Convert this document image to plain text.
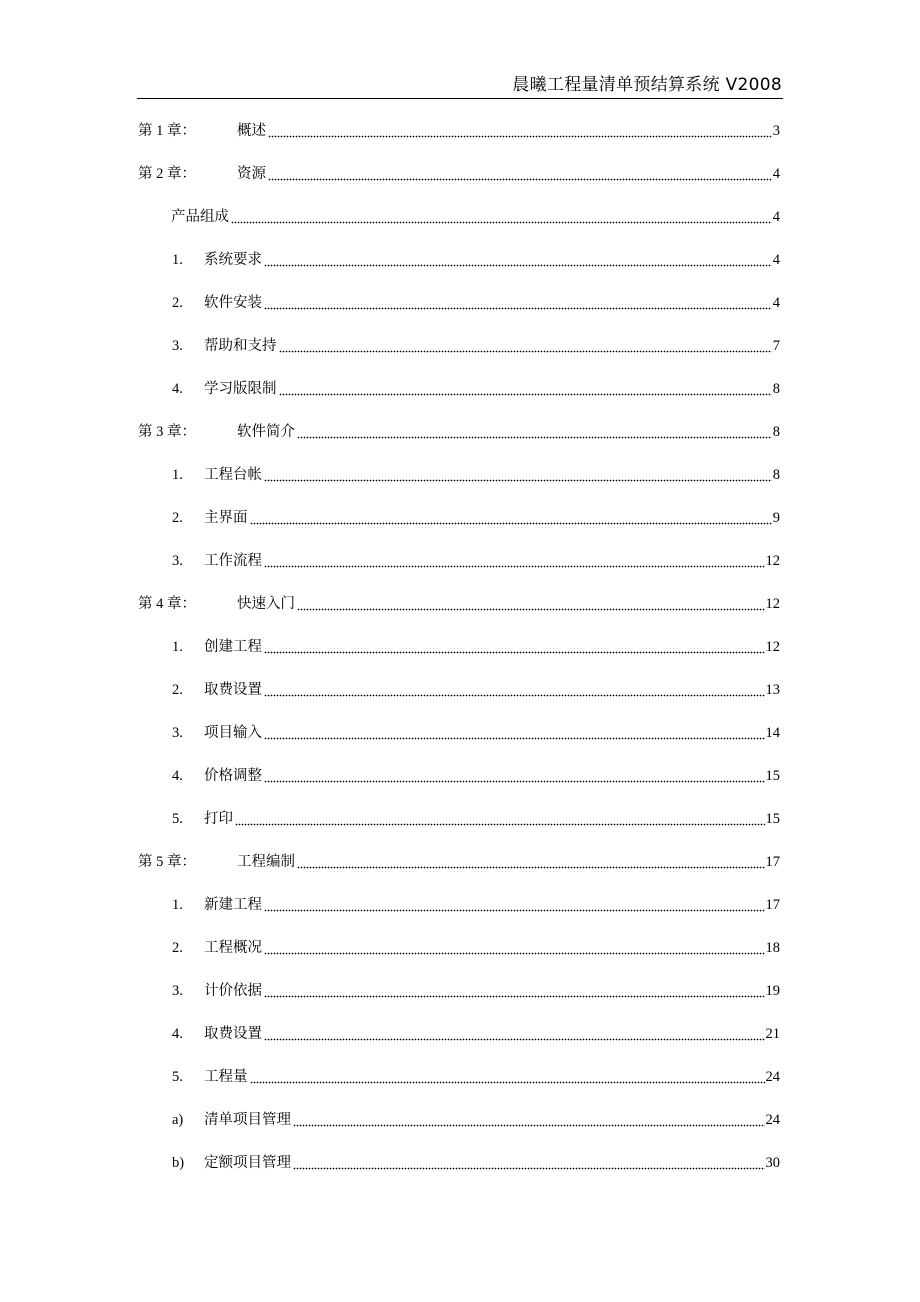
晨曦工程量清单预结算系统 V2008
第 1 章：	概述	3
第 2 章：	资源	4
产品组成	4
1.	系统要求	4
2.	软件安装	4
3.	帮助和支持	7
4.	学习版限制	8
第 3 章：	软件简介	8
1.	工程台帐	8
2.	主界面	9
3.	工作流程	12
第 4 章：	快速入门	12
1.	创建工程	12
2.	取费设置	13
3.	项目输入	14
4.	价格调整	15
5.	打印	15
第 5 章：	工程编制	17
1.	新建工程	17
2.	工程概况	18
3.	计价依据	19
4.	取费设置	21
5.	工程量	24
a)	清单项目管理	24
b)	定额项目管理	30
